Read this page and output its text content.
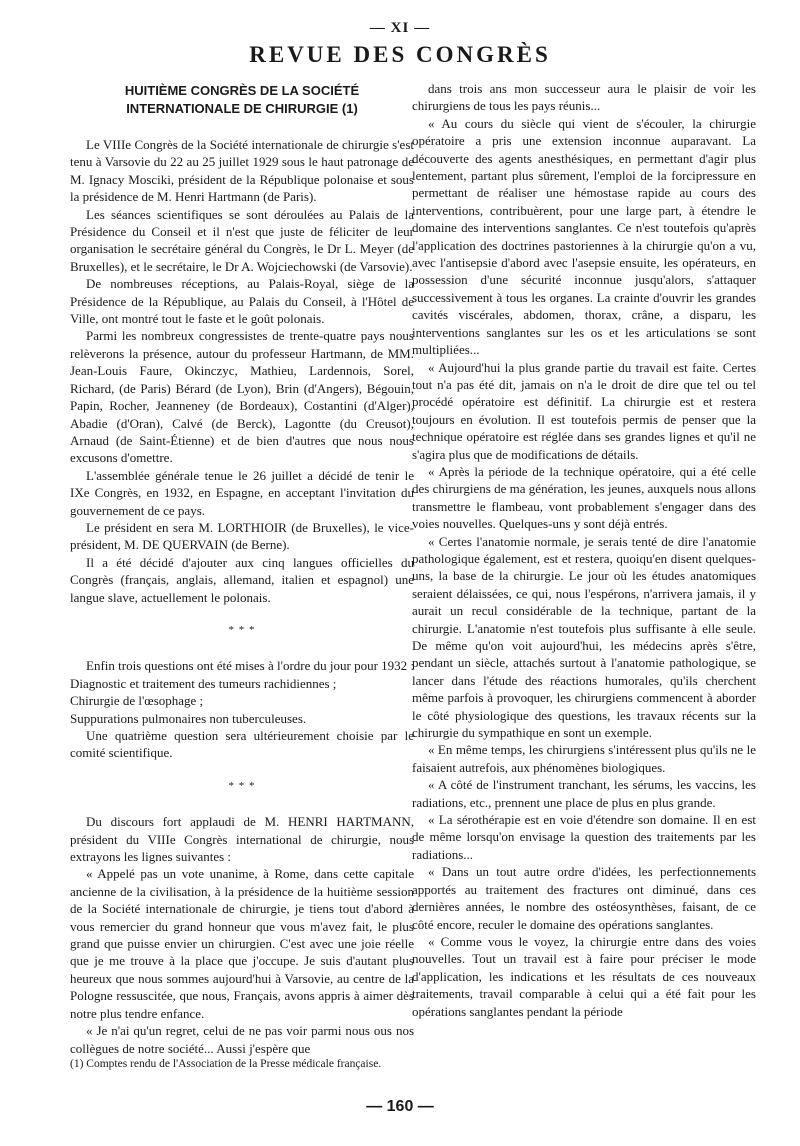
— XI —
REVUE DES CONGRÈS
HUITIÈME CONGRÈS DE LA SOCIÉTÉ
INTERNATIONALE DE CHIRURGIE (1)

Le VIIIe Congrès de la Société internationale de chirurgie s'est tenu à Varsovie du 22 au 25 juillet 1929 sous le haut patronage de M. Ignacy Mosciki, président de la République polonaise et sous la présidence de M. Henri Hartmann (de Paris).

Les séances scientifiques se sont déroulées au Palais de la Présidence du Conseil et il n'est que juste de féliciter de leur organisation le secrétaire général du Congrès, le Dr L. Meyer (de Bruxelles), et le secrétaire, le Dr A. Wojciechowski (de Varsovie).

De nombreuses réceptions, au Palais-Royal, siège de la Présidence de la République, au Palais du Conseil, à l'Hôtel de Ville, ont montré tout le faste et le goût polonais.

Parmi les nombreux congressistes de trente-quatre pays nous relèverons la présence, autour du professeur Hartmann, de MM. Jean-Louis Faure, Okinczyc, Mathieu, Lardennois, Sorel, Richard, (de Paris) Bérard (de Lyon), Brin (d'Angers), Bégouin, Papin, Rocher, Jeanneney (de Bordeaux), Costantini (d'Alger), Abadie (d'Oran), Calvé (de Berck), Lagontte (du Creusot), Arnaud (de Saint-Étienne) et de bien d'autres que nous nous excusons d'omettre.

L'assemblée générale tenue le 26 juillet a décidé de tenir le IXe Congrès, en 1932, en Espagne, en acceptant l'invitation du gouvernement de ce pays.

Le président en sera M. LORTHIOIR (de Bruxelles), le vice-président, M. DE QUERVAIN (de Berne).

Il a été décidé d'ajouter aux cinq langues officielles du Congrès (français, anglais, allemand, italien et espagnol) une langue slave, actuellement le polonais.

* * *

Enfin trois questions ont été mises à l'ordre du jour pour 1932 :

Diagnostic et traitement des tumeurs rachidiennes ;

Chirurgie de l'œsophage ;

Suppurations pulmonaires non tuberculeuses.

Une quatrième question sera ultérieurement choisie par le comité scientifique.

* * *

Du discours fort applaudi de M. HENRI HARTMANN, président du VIIIe Congrès international de chirurgie, nous extrayons les lignes suivantes :

« Appelé pas un vote unanime, à Rome, dans cette capitale ancienne de la civilisation, à la présidence de la huitième session de la Société internationale de chirurgie, je tiens tout d'abord à vous remercier du grand honneur que vous m'avez fait, le plus grand que puisse envier un chirurgien. C'est avec une joie réelle que je me trouve à la place que j'occupe. Je suis d'autant plus heureux que nous sommes aujourd'hui à Varsovie, au centre de la Pologne ressuscitée, que nous, Français, avons appris à aimer dès notre plus tendre enfance.

« Je n'ai qu'un regret, celui de ne pas voir parmi nous ous nos collègues de notre société... Aussi j'espère que

(1) Comptes rendu de l'Association de la Presse médicale française.

dans trois ans mon successeur aura le plaisir de voir les chirurgiens de tous les pays réunis...

« Au cours du siècle qui vient de s'écouler, la chirurgie opératoire a pris une extension inconnue auparavant. La découverte des agents anesthésiques, en permettant d'agir plus lentement, partant plus sûrement, l'emploi de la forcipressure en permettant de réaliser une hémostase rapide au cours des interventions, contribuèrent, pour une large part, à étendre le domaine des interventions sanglantes. Ce n'est toutefois qu'après l'application des doctrines pastoriennes à la chirurgie qu'on a vu, avec l'antisepsie d'abord avec l'asepsie ensuite, les opérateurs, en possession d'une sécurité inconnue jusqu'alors, s'attaquer successivement à tous les organes. La crainte d'ouvrir les grandes cavités viscérales, abdomen, thorax, crâne, a disparu, les interventions sanglantes sur les os et les articulations se sont multipliées...

« Aujourd'hui la plus grande partie du travail est faite. Certes tout n'a pas été dit, jamais on n'a le droit de dire que tel ou tel procédé opératoire est définitif. La chirurgie est et restera toujours en évolution. Il est toutefois permis de penser que la technique opératoire est réglée dans ses grandes lignes et qu'il ne s'agira plus que de modifications de détails.

« Après la période de la technique opératoire, qui a été celle des chirurgiens de ma génération, les jeunes, auxquels nous allons transmettre le flambeau, vont probablement s'engager dans des voies nouvelles. Quelques-uns y sont déjà entrés.

« Certes l'anatomie normale, je serais tenté de dire l'anatomie pathologique également, est et restera, quoiqu'en disent quelques-uns, la base de la chirurgie. Le jour où les études anatomiques seraient délaissées, ce qui, nous l'espérons, n'arrivera jamais, il y aurait un recul considérable de la technique, partant de la chirurgie. L'anatomie n'est toutefois plus suffisante à elle seule. De même qu'on voit aujourd'hui, les médecins après s'être, pendant un siècle, attachés surtout à l'anatomie pathologique, se lancer dans l'étude des réactions humorales, qu'ils cherchent même parfois à provoquer, les chirurgiens commencent à aborder le côté physiologique des questions, les travaux récents sur la chirurgie du sympathique en sont un exemple.

« En même temps, les chirurgiens s'intéressent plus qu'ils ne le faisaient autrefois, aux phénomènes biologiques.

« A côté de l'instrument tranchant, les sérums, les vaccins, les radiations, etc., prennent une place de plus en plus grande.

« La sérothérapie est en voie d'étendre son domaine. Il en est de même lorsqu'on envisage la question des traitements par les radiations...

« Dans un tout autre ordre d'idées, les perfectionnements apportés au traitement des fractures ont diminué, dans ces dernières années, le nombre des ostéosynthèses, faisant, de ce côté encore, reculer le domaine des opérations sanglantes.

« Comme vous le voyez, la chirurgie entre dans des voies nouvelles. Tout un travail est à faire pour préciser le mode d'application, les indications et les résultats de ces nouveaux traitements, travail comparable à celui qui a été fait pour les opérations sanglantes pendant la période

— 160 —
